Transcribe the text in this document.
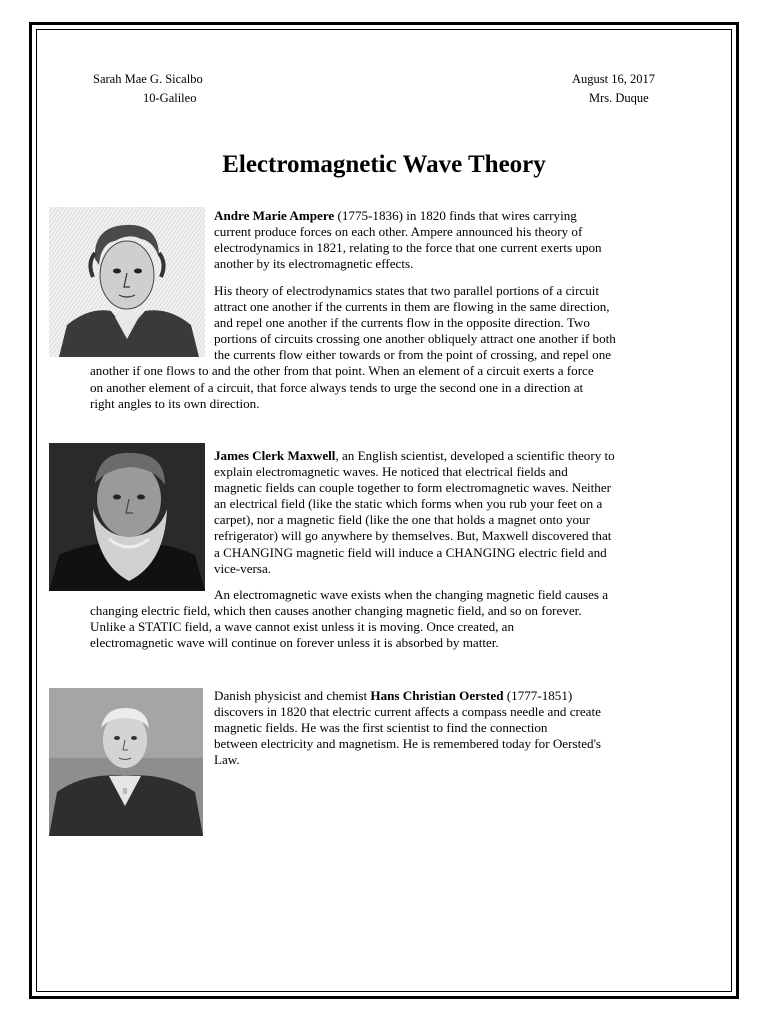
Sarah Mae G. Sicalbo
10-Galileo
August 16, 2017
Mrs. Duque
Electromagnetic Wave Theory
Andre Marie Ampere (1775-1836) in 1820 finds that wires carrying
current produce forces on each other. Ampere announced his theory of
electrodynamics in 1821, relating to the force that one current exerts upon
another by its electromagnetic effects.
His theory of electrodynamics states that two parallel portions of a circuit
attract one another if the currents in them are flowing in the same direction,
and repel one another if the currents flow in the opposite direction. Two
portions of circuits crossing one another obliquely attract one another if both
the currents flow either towards or from the point of crossing, and repel one
another if one flows to and the other from that point. When an element of a circuit exerts a force
on another element of a circuit, that force always tends to urge the second one in a direction at
right angles to its own direction.
James Clerk Maxwell, an English scientist, developed a scientific theory to
explain electromagnetic waves. He noticed that electrical fields and
magnetic fields can couple together to form electromagnetic waves. Neither
an electrical field (like the static which forms when you rub your feet on a
carpet), nor a magnetic field (like the one that holds a magnet onto your
refrigerator) will go anywhere by themselves. But, Maxwell discovered that
a CHANGING magnetic field will induce a CHANGING electric field and
vice-versa.
An electromagnetic wave exists when the changing magnetic field causes a
changing electric field, which then causes another changing magnetic field, and so on forever.
Unlike a STATIC field, a wave cannot exist unless it is moving. Once created, an
electromagnetic wave will continue on forever unless it is absorbed by matter.
Danish physicist and chemist Hans Christian Oersted (1777-1851)
discovers in 1820 that electric current affects a compass needle and create
magnetic fields. He was the first scientist to find the connection
between electricity and magnetism. He is remembered today for Oersted's
Law.
